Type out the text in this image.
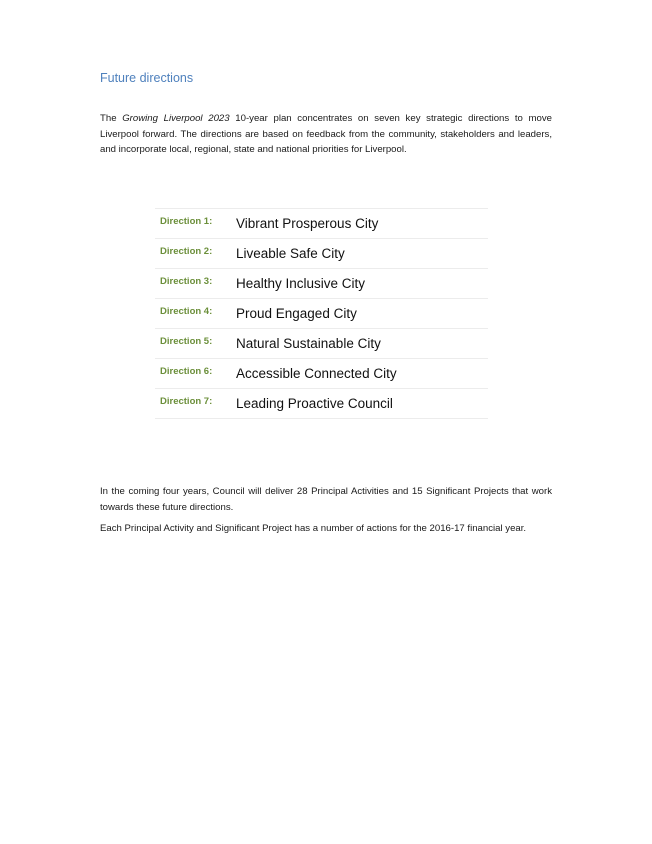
Future directions

The Growing Liverpool 2023 10-year plan concentrates on seven key strategic directions to move Liverpool forward. The directions are based on feedback from the community, stakeholders and leaders, and incorporate local, regional, state and national priorities for Liverpool.

Direction 1:	Vibrant Prosperous City
Direction 2:	Liveable Safe City
Direction 3:	Healthy Inclusive City
Direction 4:	Proud Engaged City
Direction 5:	Natural Sustainable City
Direction 6:	Accessible Connected City
Direction 7:	Leading Proactive Council

In the coming four years, Council will deliver 28 Principal Activities and 15 Significant Projects that work towards these future directions.

Each Principal Activity and Significant Project has a number of actions for the 2016-17 financial year.
